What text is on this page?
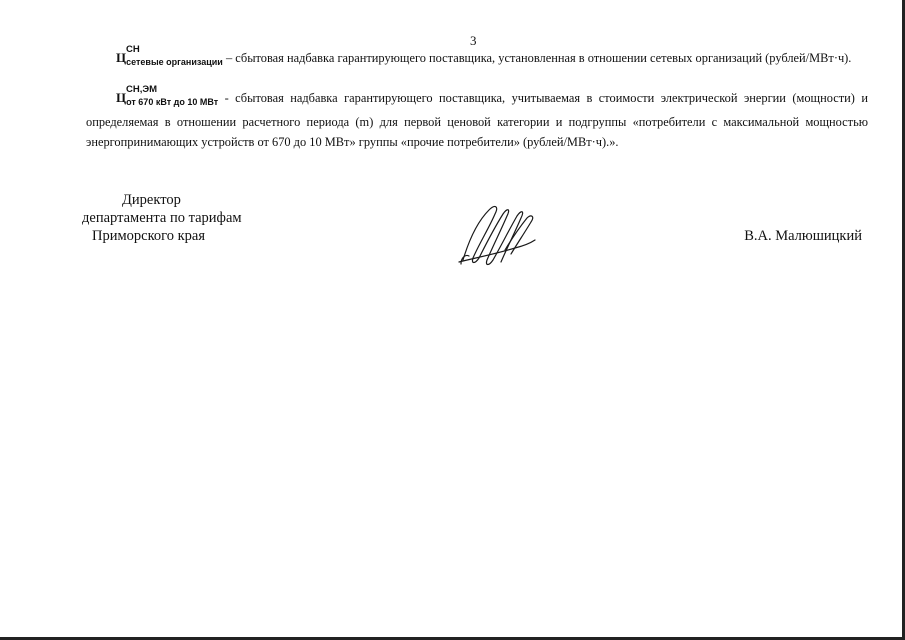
3
Ц
СН
$_{сетевые организации}$ – сбытовая надбавка гарантирующего поставщика, установленная в отношении сетевых организаций (рублей/МВт·ч).
Ц
СН,ЭМ
$_{от 670 кВт до 10 МВт}$ - сбытовая надбавка гарантирующего поставщика, учитываемая в стоимости электрической энергии (мощности) и определяемая в отношении расчетного периода (m) для первой ценовой категории и подгруппы «потребители с максимальной мощностью энергопринимающих устройств от 670 до 10 МВт» группы «прочие потребители» (рублей/МВт·ч).».
Директор
департамента по тарифам
Приморского края	В.А. Малюшицкий
